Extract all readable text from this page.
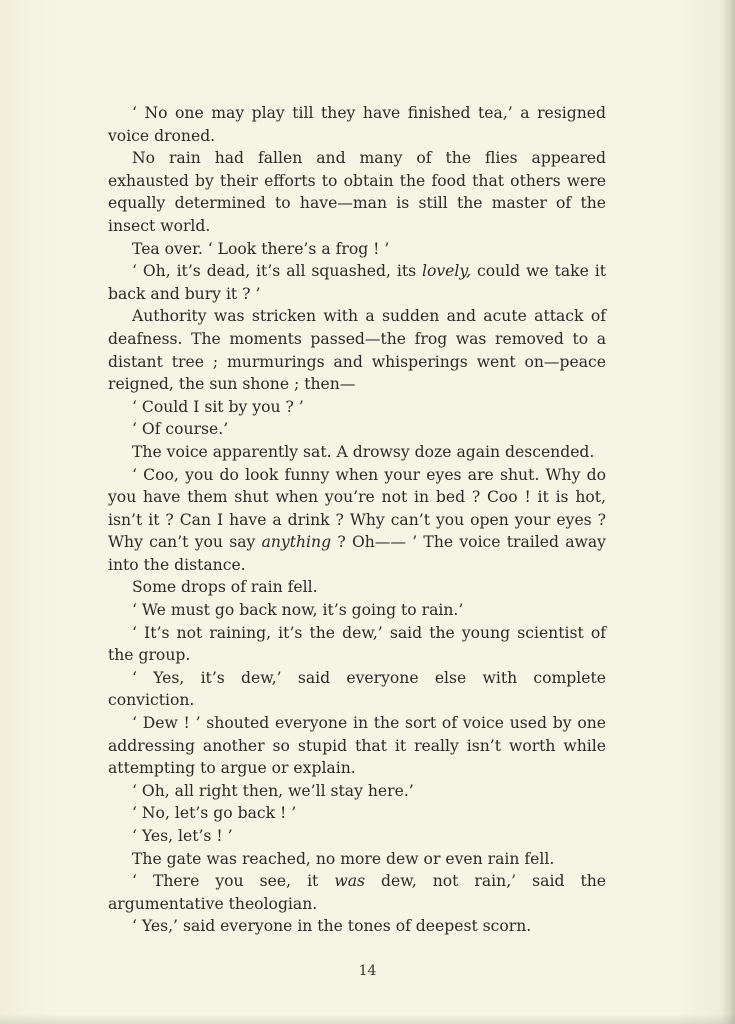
‘ No one may play till they have finished tea,’ a resigned voice droned.

No rain had fallen and many of the flies appeared exhausted by their efforts to obtain the food that others were equally determined to have—man is still the master of the insect world.

Tea over. ‘ Look there’s a frog ! ’

‘ Oh, it’s dead, it’s all squashed, its lovely, could we take it back and bury it ? ’

Authority was stricken with a sudden and acute attack of deafness. The moments passed—the frog was removed to a distant tree ; murmurings and whisperings went on—peace reigned, the sun shone ; then—

‘ Could I sit by you ? ’

‘ Of course.’

The voice apparently sat. A drowsy doze again descended.

‘ Coo, you do look funny when your eyes are shut. Why do you have them shut when you’re not in bed ? Coo ! it is hot, isn’t it ? Can I have a drink ? Why can’t you open your eyes ? Why can’t you say anything ? Oh—— ’ The voice trailed away into the distance.

Some drops of rain fell.

‘ We must go back now, it’s going to rain.’

‘ It’s not raining, it’s the dew,’ said the young scientist of the group.

‘ Yes, it’s dew,’ said everyone else with complete conviction.

‘ Dew ! ’ shouted everyone in the sort of voice used by one addressing another so stupid that it really isn’t worth while attempting to argue or explain.

‘ Oh, all right then, we’ll stay here.’

‘ No, let’s go back ! ’

‘ Yes, let’s ! ’

The gate was reached, no more dew or even rain fell.

‘ There you see, it was dew, not rain,’ said the argumentative theologian.

‘ Yes,’ said everyone in the tones of deepest scorn.

14
